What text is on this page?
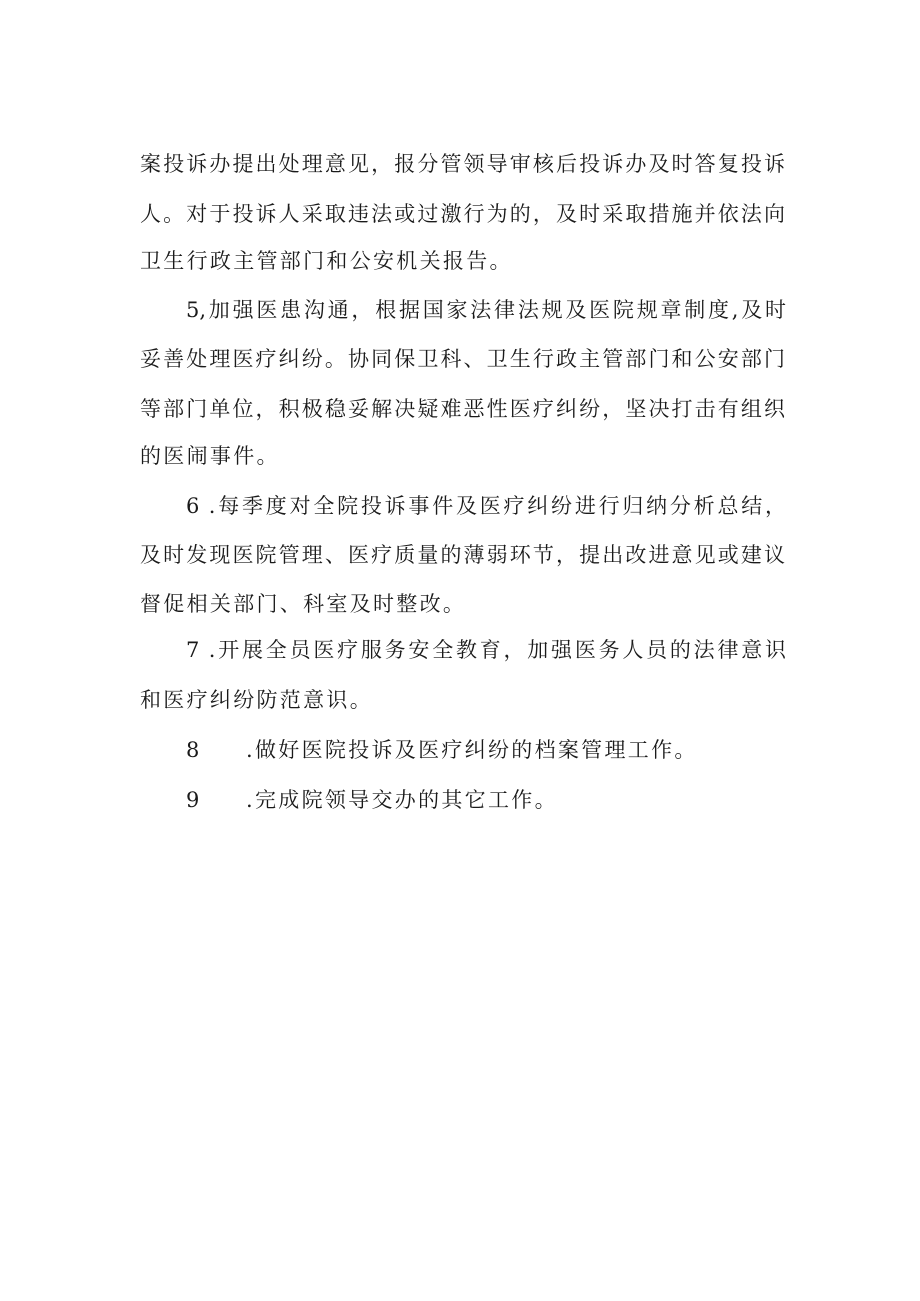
案投诉办提出处理意见，报分管领导审核后投诉办及时答复投诉
人。对于投诉人采取违法或过激行为的，及时采取措施并依法向
卫生行政主管部门和公安机关报告。
5,加强医患沟通，根据国家法律法规及医院规章制度,及时
妥善处理医疗纠纷。协同保卫科、卫生行政主管部门和公安部门
等部门单位，积极稳妥解决疑难恶性医疗纠纷，坚决打击有组织
的医闹事件。
6 .每季度对全院投诉事件及医疗纠纷进行归纳分析总结，
及时发现医院管理、医疗质量的薄弱环节，提出改进意见或建议
督促相关部门、科室及时整改。
7 .开展全员医疗服务安全教育，加强医务人员的法律意识
和医疗纠纷防范意识。
8 .做好医院投诉及医疗纠纷的档案管理工作。
9 .完成院领导交办的其它工作。
